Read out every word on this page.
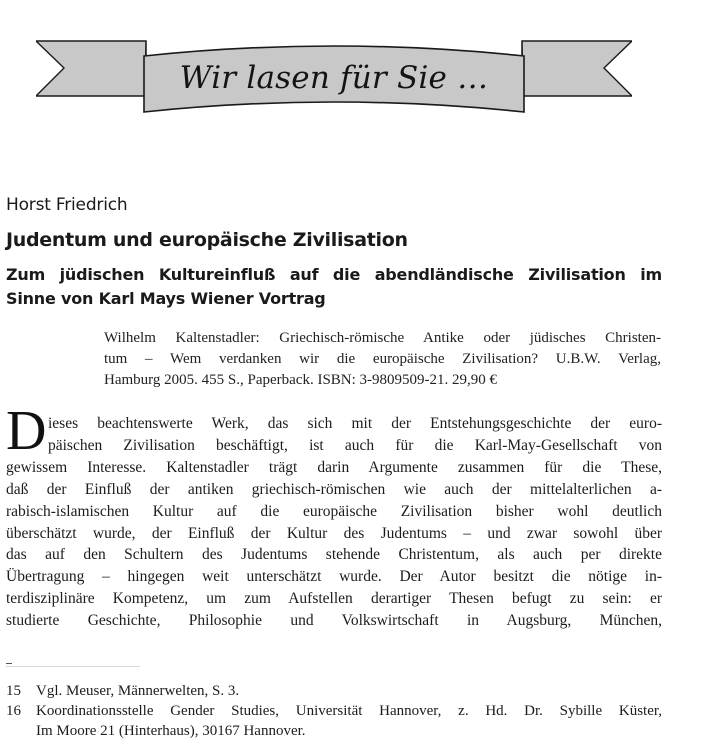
Wir lasen für Sie …
Horst Friedrich
Judentum und europäische Zivilisation
Zum jüdischen Kultureinfluß auf die abendländische Zivilisation im
Sinne von Karl Mays Wiener Vortrag
Wilhelm Kaltenstadler: Griechisch-römische Antike oder jüdisches Christen-
tum – Wem verdanken wir die europäische Zivilisation? U.B.W. Verlag,
Hamburg 2005. 455 S., Paperback. ISBN: 3-9809509-21. 29,90 €
D ieses beachtenswerte Werk, das sich mit der Entstehungsgeschichte der euro-
päischen Zivilisation beschäftigt, ist auch für die Karl-May-Gesellschaft von
gewissem Interesse. Kaltenstadler trägt darin Argumente zusammen für die These,
daß der Einfluß der antiken griechisch-römischen wie auch der mittelalterlichen a-
rabisch-islamischen Kultur auf die europäische Zivilisation bisher wohl deutlich
überschätzt wurde, der Einfluß der Kultur des Judentums – und zwar sowohl über
das auf den Schultern des Judentums stehende Christentum, als auch per direkte
Übertragung – hingegen weit unterschätzt wurde. Der Autor besitzt die nötige in-
terdisziplinäre Kompetenz, um zum Aufstellen derartiger Thesen befugt zu sein: er
studierte Geschichte, Philosophie und Volkswirtschaft in Augsburg, München,
15 Vgl. Meuser, Männerwelten, S. 3.
16 Koordinationsstelle Gender Studies, Universität Hannover, z. Hd. Dr. Sybille Küster,
Im Moore 21 (Hinterhaus), 30167 Hannover.
